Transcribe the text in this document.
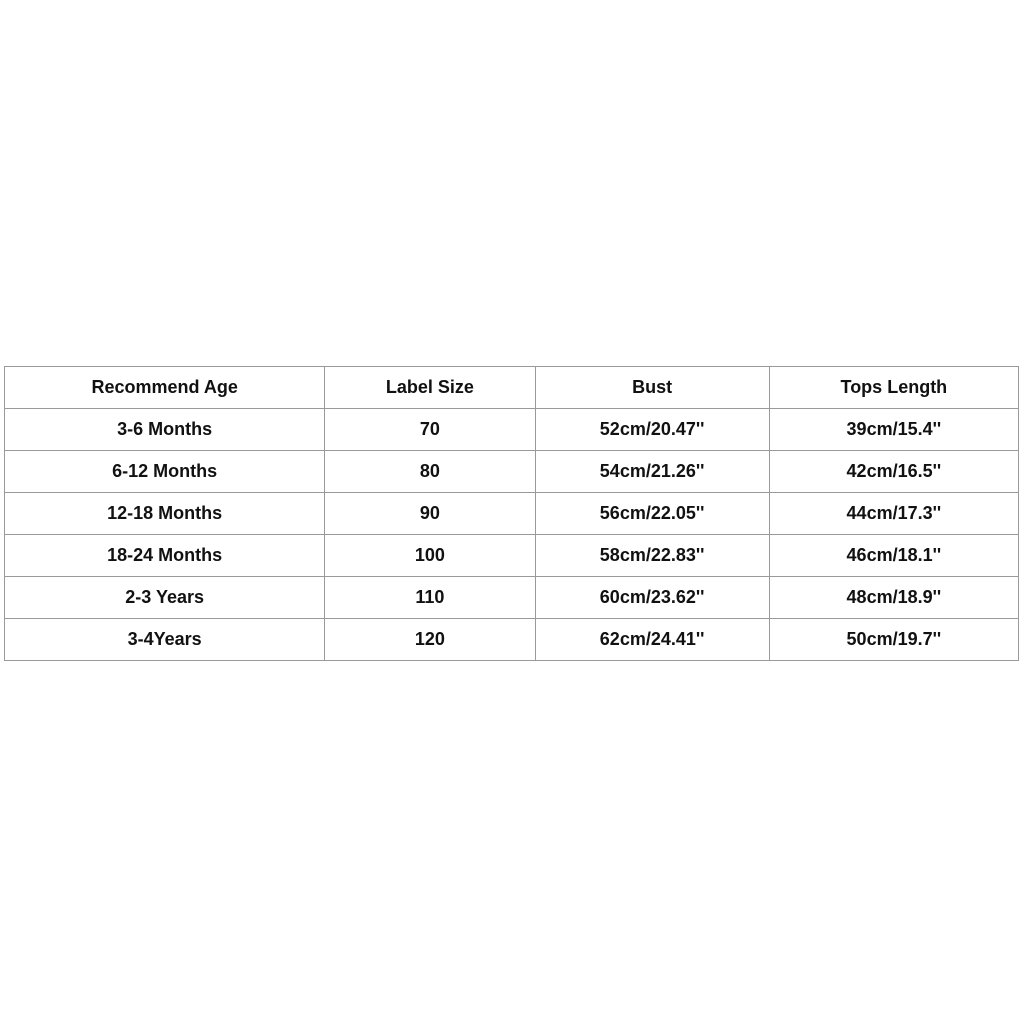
Recommend Age	Label Size	Bust	Tops Length
3-6 Months	70	52cm/20.47''	39cm/15.4''
6-12 Months	80	54cm/21.26''	42cm/16.5''
12-18 Months	90	56cm/22.05''	44cm/17.3''
18-24 Months	100	58cm/22.83''	46cm/18.1''
2-3 Years	110	60cm/23.62''	48cm/18.9''
3-4Years	120	62cm/24.41''	50cm/19.7''
